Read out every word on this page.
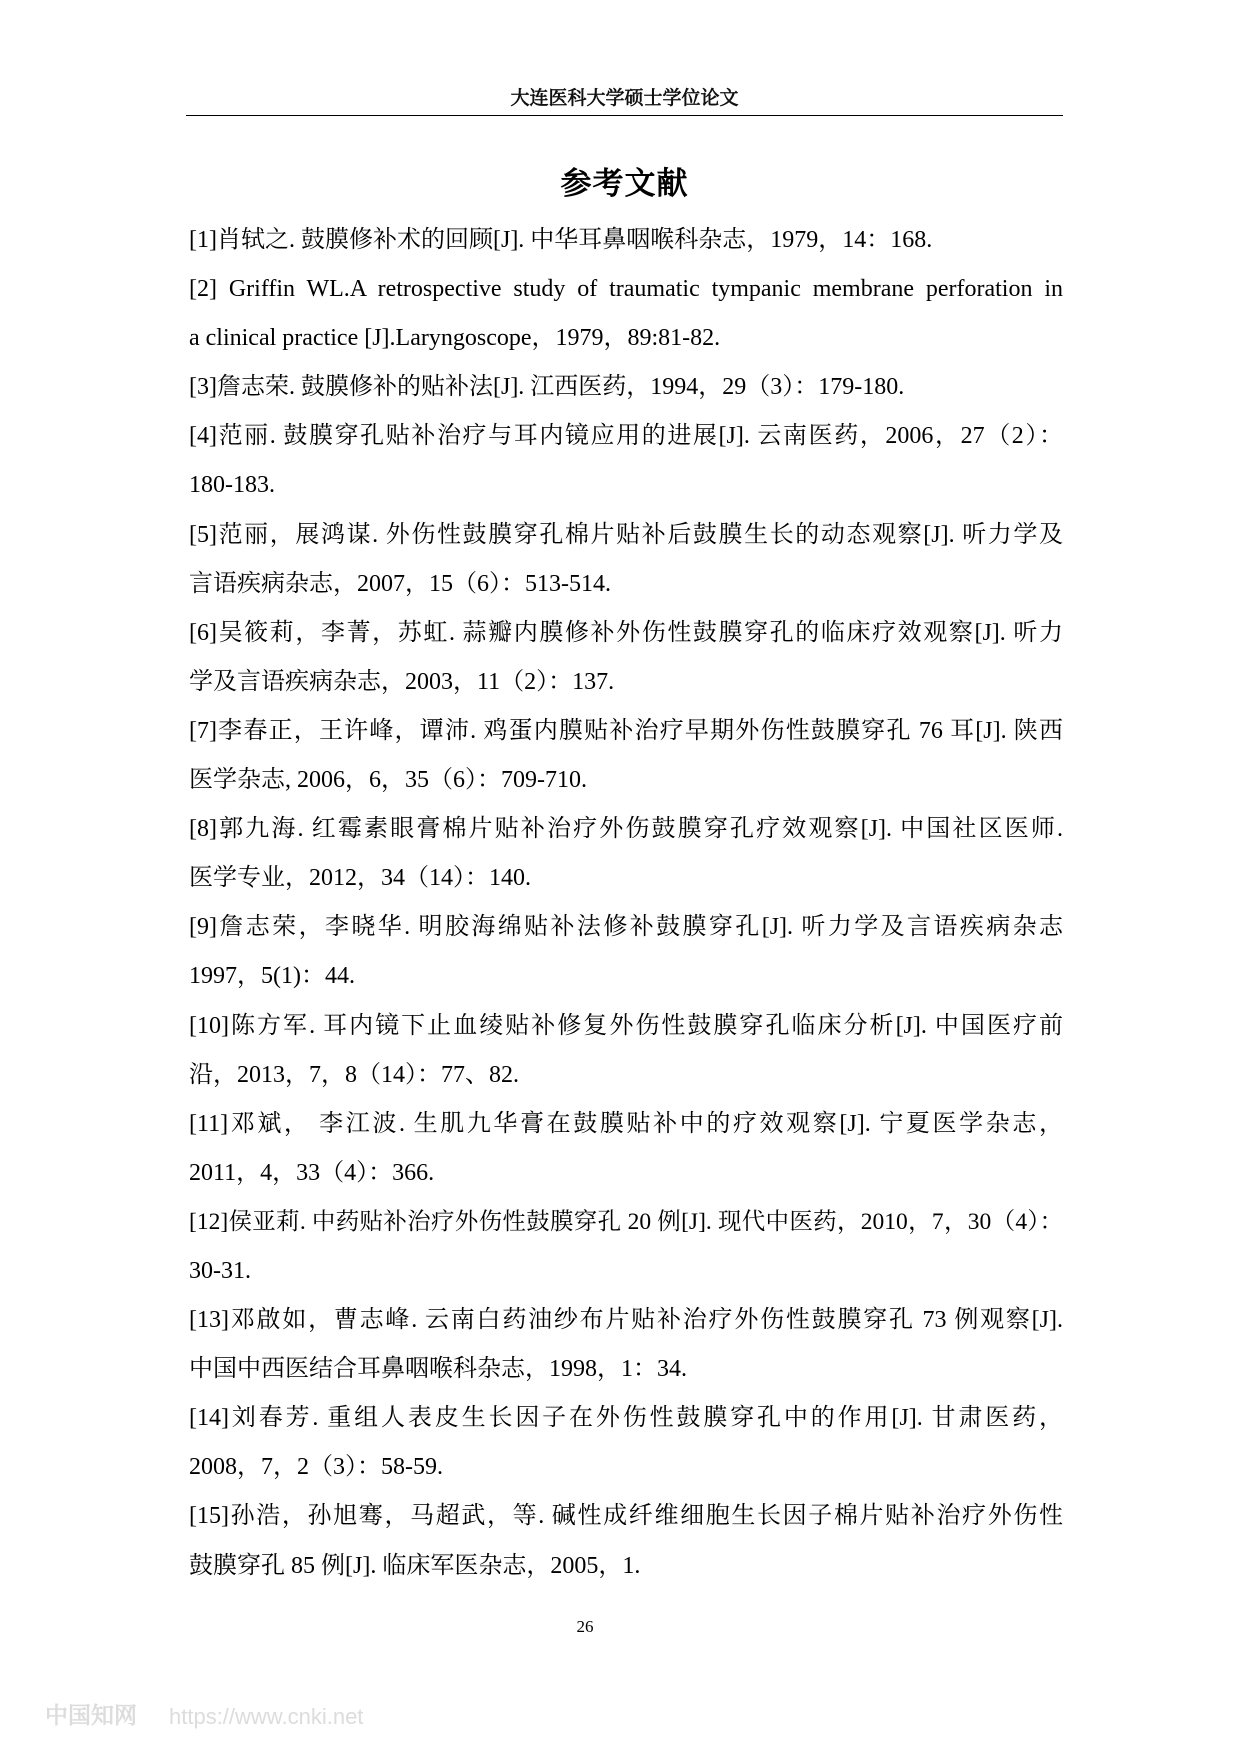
大连医科大学硕士学位论文
参考文献
[1]肖轼之. 鼓膜修补术的回顾[J]. 中华耳鼻咽喉科杂志，1979，14：168.
[2] Griffin WL.A retrospective study of traumatic tympanic membrane perforation in
a clinical practice [J].Laryngoscope，1979，89:81-82.
[3]詹志荣. 鼓膜修补的贴补法[J]. 江西医药，1994，29（3）：179-180.
[4]范丽. 鼓膜穿孔贴补治疗与耳内镜应用的进展[J]. 云南医药，2006，27（2）：
180-183.
[5]范丽，展鸿谋. 外伤性鼓膜穿孔棉片贴补后鼓膜生长的动态观察[J]. 听力学及
言语疾病杂志，2007，15（6）：513-514.
[6]吴筱莉，李菁，苏虹. 蒜瓣内膜修补外伤性鼓膜穿孔的临床疗效观察[J]. 听力
学及言语疾病杂志，2003，11（2）：137.
[7]李春正，王许峰，谭沛. 鸡蛋内膜贴补治疗早期外伤性鼓膜穿孔 76 耳[J]. 陕西
医学杂志, 2006，6，35（6）：709-710.
[8]郭九海. 红霉素眼膏棉片贴补治疗外伤鼓膜穿孔疗效观察[J]. 中国社区医师.
医学专业，2012，34（14）：140.
[9]詹志荣，李晓华. 明胶海绵贴补法修补鼓膜穿孔[J]. 听力学及言语疾病杂志
1997，5(1)：44.
[10]陈方军. 耳内镜下止血绫贴补修复外伤性鼓膜穿孔临床分析[J]. 中国医疗前
沿，2013，7，8（14）：77、82.
[11]邓斌， 李江波. 生肌九华膏在鼓膜贴补中的疗效观察[J]. 宁夏医学杂志，
2011，4，33（4）：366.
[12]侯亚莉. 中药贴补治疗外伤性鼓膜穿孔 20 例[J]. 现代中医药，2010，7，30（4）：
30-31.
[13]邓啟如，曹志峰. 云南白药油纱布片贴补治疗外伤性鼓膜穿孔 73 例观察[J].
中国中西医结合耳鼻咽喉科杂志，1998，1：34.
[14]刘春芳. 重组人表皮生长因子在外伤性鼓膜穿孔中的作用[J]. 甘肃医药，
2008，7，2（3）：58-59.
[15]孙浩，孙旭骞，马超武，等. 碱性成纤维细胞生长因子棉片贴补治疗外伤性
鼓膜穿孔 85 例[J]. 临床军医杂志，2005，1.
26
中国知网 https://www.cnki.net
